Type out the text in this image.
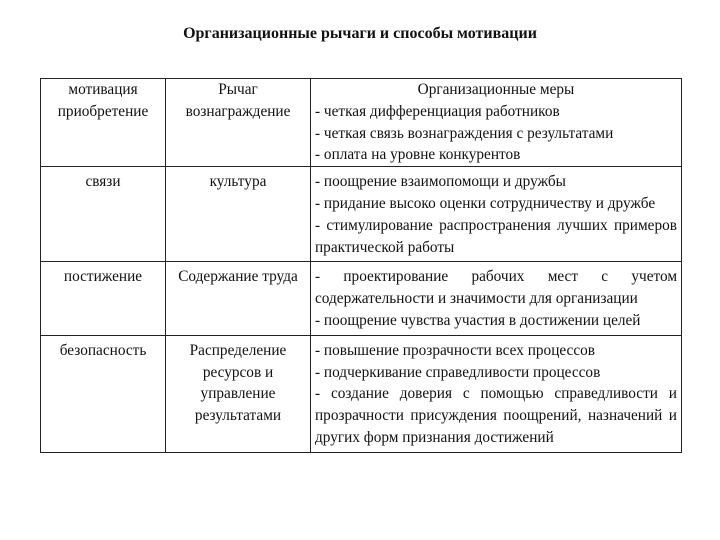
Организационные рычаги и способы мотивации
мотивация	Рычаг	Организационные меры
приобретение	вознаграждение	- четкая дифференциация работников
- четкая связь вознаграждения с результатами
- оплата на уровне конкурентов

связи	культура	- поощрение взаимопомощи и дружбы
- придание высоко оценки сотрудничеству и дружбе
- стимулирование распространения лучших примеров практической работы

постижение	Содержание труда	- проектирование рабочих мест с учетом содержательности и значимости для организации
- поощрение чувства участия в достижении целей

безопасность	Распределение ресурсов и управление результатами	- повышение прозрачности всех процессов
- подчеркивание справедливости процессов
- создание доверия с помощью справедливости и прозрачности присуждения поощрений, назначений и других форм признания достижений
